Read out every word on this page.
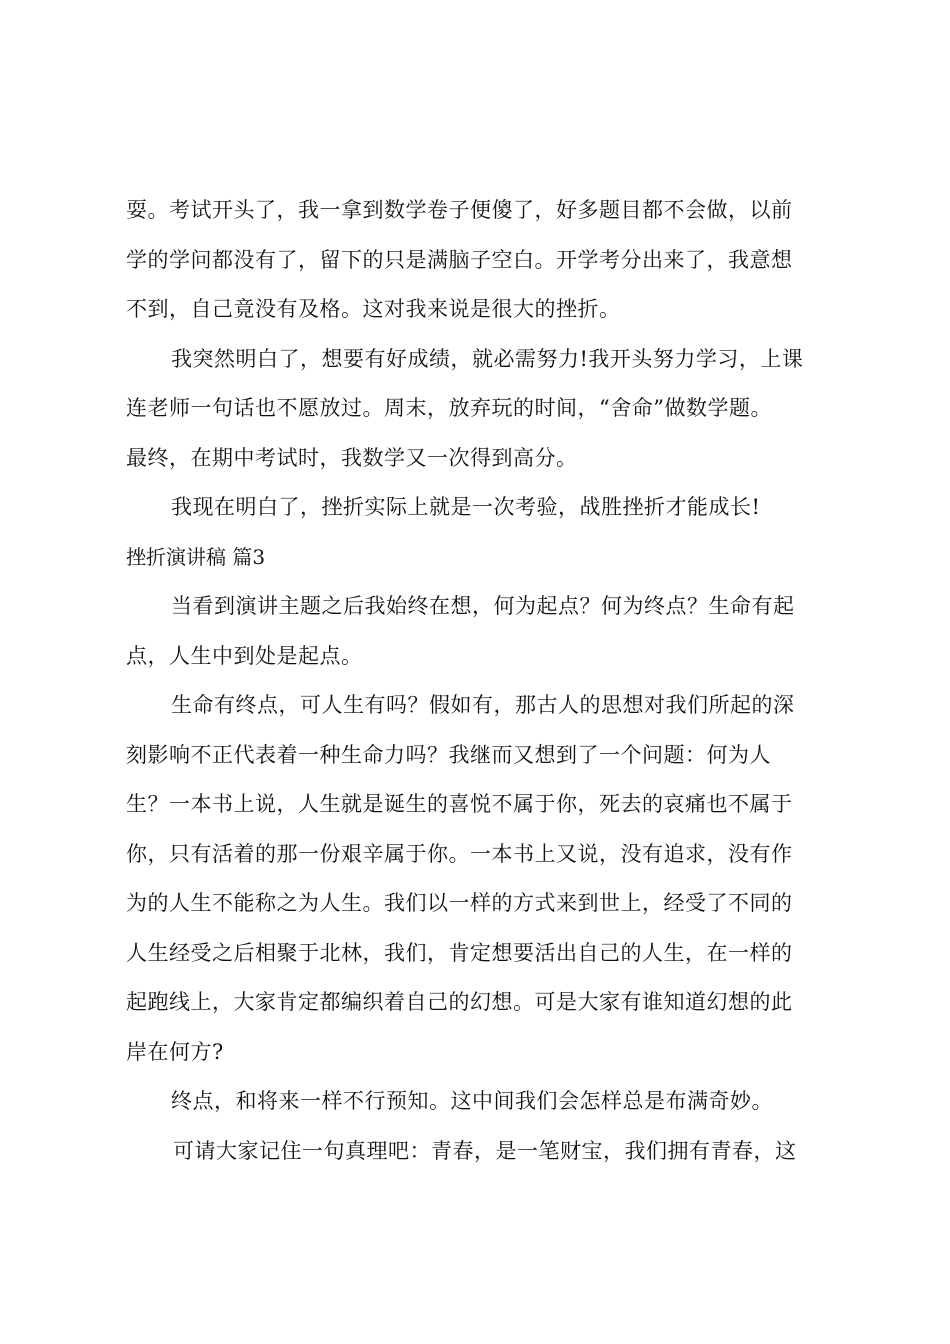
耍。考试开头了，我一拿到数学卷子便傻了，好多题目都不会做，以前
学的学问都没有了，留下的只是满脑子空白。开学考分出来了，我意想
不到，自己竟没有及格。这对我来说是很大的挫折。
我突然明白了，想要有好成绩，就必需努力!我开头努力学习，上课
连老师一句话也不愿放过。周末，放弃玩的时间，“舍命”做数学题。
最终，在期中考试时，我数学又一次得到高分。
我现在明白了，挫折实际上就是一次考验，战胜挫折才能成长!
挫折演讲稿 篇3
当看到演讲主题之后我始终在想，何为起点？何为终点？生命有起
点，人生中到处是起点。
生命有终点，可人生有吗？假如有，那古人的思想对我们所起的深
刻影响不正代表着一种生命力吗？我继而又想到了一个问题：何为人
生？一本书上说，人生就是诞生的喜悦不属于你，死去的哀痛也不属于
你，只有活着的那一份艰辛属于你。一本书上又说，没有追求，没有作
为的人生不能称之为人生。我们以一样的方式来到世上，经受了不同的
人生经受之后相聚于北林，我们，肯定想要活出自己的人生，在一样的
起跑线上，大家肯定都编织着自己的幻想。可是大家有谁知道幻想的此
岸在何方?
终点，和将来一样不行预知。这中间我们会怎样总是布满奇妙。
可请大家记住一句真理吧：青春，是一笔财宝，我们拥有青春，这
